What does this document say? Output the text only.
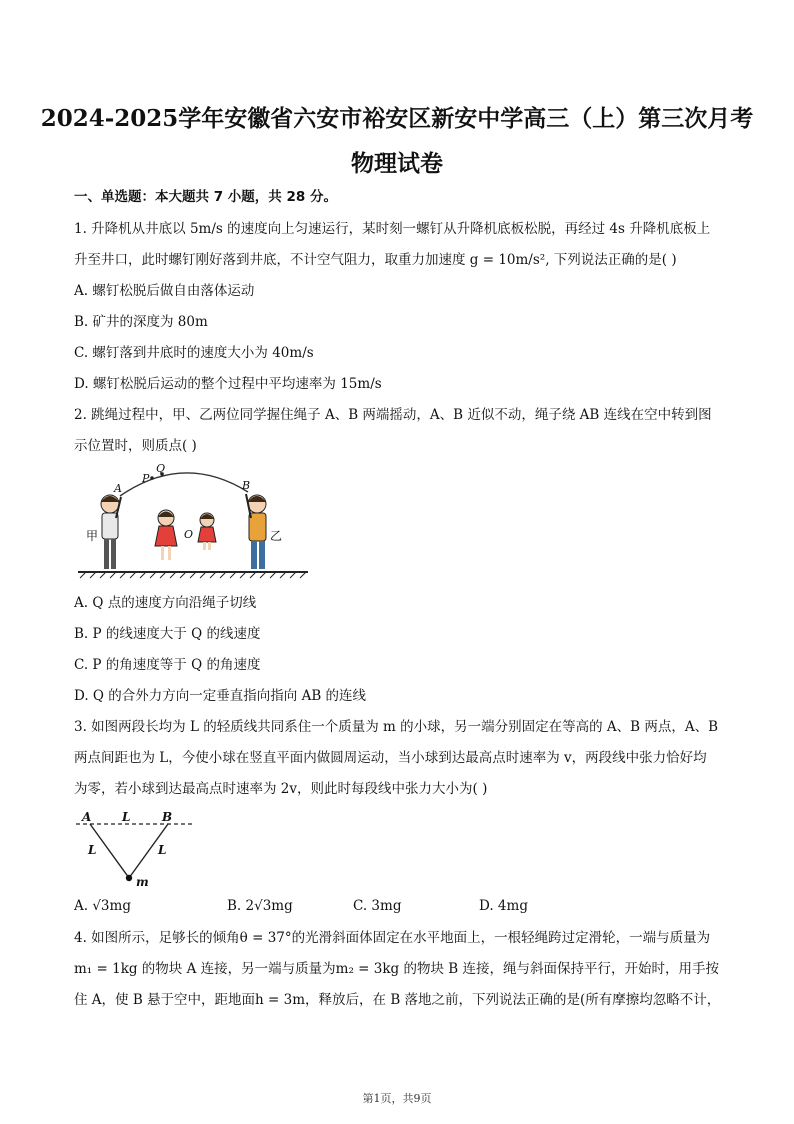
2024-2025学年安徽省六安市裕安区新安中学高三（上）第三次月考
物理试卷
一、单选题：本大题共 7 小题，共 28 分。
1. 升降机从井底以 5m/s 的速度向上匀速运行，某时刻一螺钉从升降机底板松脱，再经过 4s 升降机底板上
升至井口，此时螺钉刚好落到井底，不计空气阻力，取重力加速度 g = 10m/s², 下列说法正确的是( )
A. 螺钉松脱后做自由落体运动
B. 矿井的深度为 80m
C. 螺钉落到井底时的速度大小为 40m/s
D. 螺钉松脱后运动的整个过程中平均速率为 15m/s
2. 跳绳过程中，甲、乙两位同学握住绳子 A、B 两端摇动，A、B 近似不动，绳子绕 AB 连线在空中转到图
示位置时，则质点( )
A
P
Q
B
O
甲	乙
A. Q 点的速度方向沿绳子切线
B. P 的线速度大于 Q 的线速度
C. P 的角速度等于 Q 的角速度
D. Q 的合外力方向一定垂直指向指向 AB 的连线
3. 如图两段长均为 L 的轻质线共同系住一个质量为 m 的小球，另一端分别固定在等高的 A、B 两点，A、B
两点间距也为 L，今使小球在竖直平面内做圆周运动，当小球到达最高点时速率为 v，两段线中张力恰好均
为零，若小球到达最高点时速率为 2v，则此时每段线中张力大小为( )
A	L	B
L	L
m
A. √3mg	B. 2√3mg	C. 3mg	D. 4mg
4. 如图所示，足够长的倾角θ = 37°的光滑斜面体固定在水平地面上，一根轻绳跨过定滑轮，一端与质量为
m₁ = 1kg 的物块 A 连接，另一端与质量为m₂ = 3kg 的物块 B 连接，绳与斜面保持平行，开始时，用手按
住 A，使 B 悬于空中，距地面h = 3m，释放后，在 B 落地之前，下列说法正确的是(所有摩擦均忽略不计，
第1页，共9页
